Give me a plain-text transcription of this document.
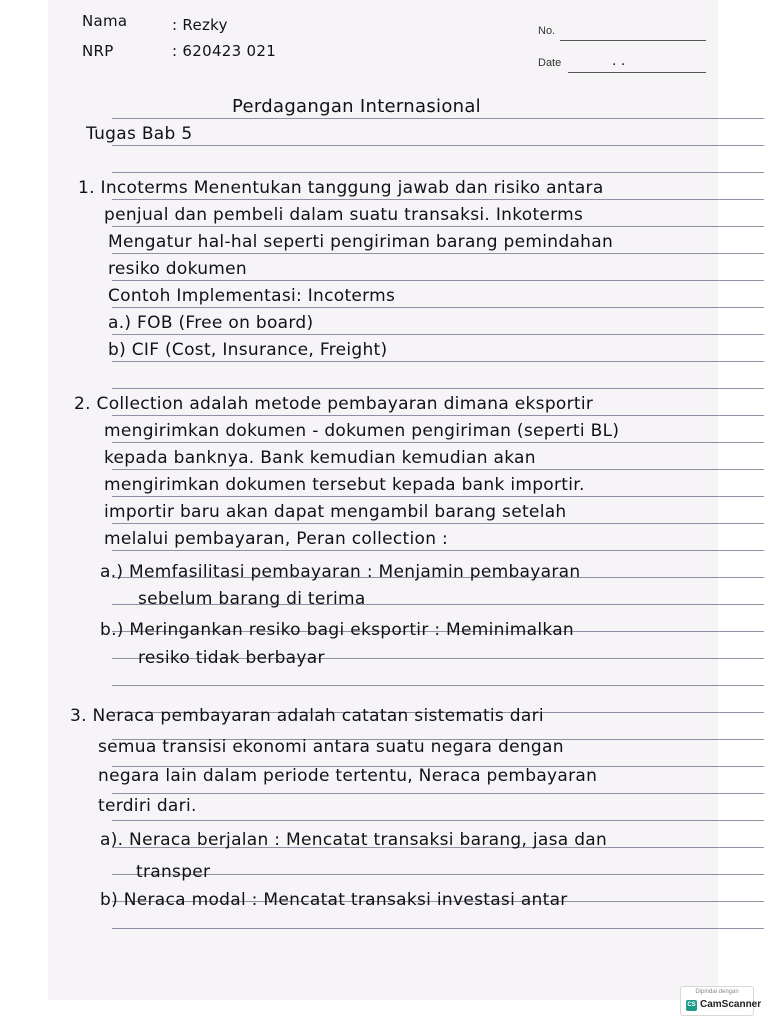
Nama	: Rezky

NRP	: 620423 021

No.
Date	. .

Perdagangan Internasional

Tugas Bab 5

1. Incoterms Menentukan tanggung jawab dan risiko antara

penjual dan pembeli dalam suatu transaksi. Inkoterms

Mengatur hal-hal seperti pengiriman barang pemindahan

resiko dokumen

Contoh Implementasi: Incoterms

a.) FOB (Free on board)

b) CIF (Cost, Insurance, Freight)

2. Collection adalah metode pembayaran dimana eksportir

mengirimkan dokumen - dokumen pengiriman (seperti BL)

kepada banknya. Bank kemudian kemudian akan

mengirimkan dokumen tersebut kepada bank importir.

importir baru akan dapat mengambil barang setelah

melalui pembayaran, Peran collection :

a.) Memfasilitasi pembayaran : Menjamin pembayaran

sebelum barang di terima

b.) Meringankan resiko bagi eksportir : Meminimalkan

resiko tidak berbayar

3. Neraca pembayaran adalah catatan sistematis dari

semua transisi ekonomi antara suatu negara dengan

negara lain dalam periode tertentu, Neraca pembayaran

terdiri dari.

a). Neraca berjalan : Mencatat transaksi barang, jasa dan

transper

b) Neraca modal : Mencatat transaksi investasi antar

Dipindai dengan
CS CamScanner
